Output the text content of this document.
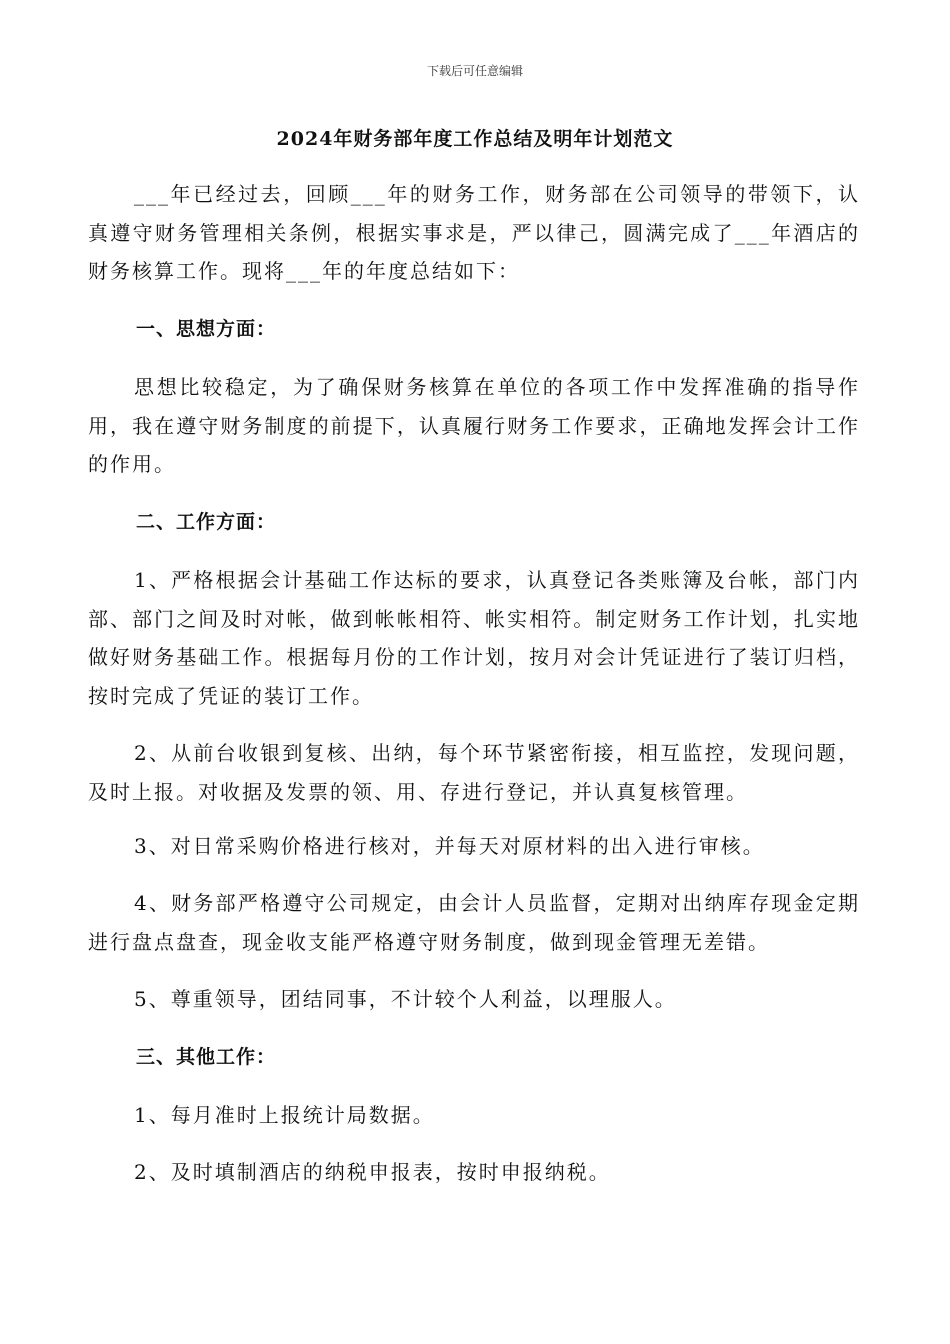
下载后可任意编辑
2024年财务部年度工作总结及明年计划范文

___年已经过去，回顾___年的财务工作，财务部在公司领导的带领下，认真遵守财务管理相关条例，根据实事求是，严以律己，圆满完成了___年酒店的财务核算工作。现将___年的年度总结如下：

一、思想方面：

思想比较稳定，为了确保财务核算在单位的各项工作中发挥准确的指导作用，我在遵守财务制度的前提下，认真履行财务工作要求，正确地发挥会计工作的作用。

二、工作方面：

1、严格根据会计基础工作达标的要求，认真登记各类账簿及台帐，部门内部、部门之间及时对帐，做到帐帐相符、帐实相符。制定财务工作计划，扎实地做好财务基础工作。根据每月份的工作计划，按月对会计凭证进行了装订归档，按时完成了凭证的装订工作。

2、从前台收银到复核、出纳，每个环节紧密衔接，相互监控，发现问题，及时上报。对收据及发票的领、用、存进行登记，并认真复核管理。

3、对日常采购价格进行核对，并每天对原材料的出入进行审核。

4、财务部严格遵守公司规定，由会计人员监督，定期对出纳库存现金定期进行盘点盘查，现金收支能严格遵守财务制度，做到现金管理无差错。

5、尊重领导，团结同事，不计较个人利益，以理服人。

三、其他工作：

1、每月准时上报统计局数据。

2、及时填制酒店的纳税申报表，按时申报纳税。
